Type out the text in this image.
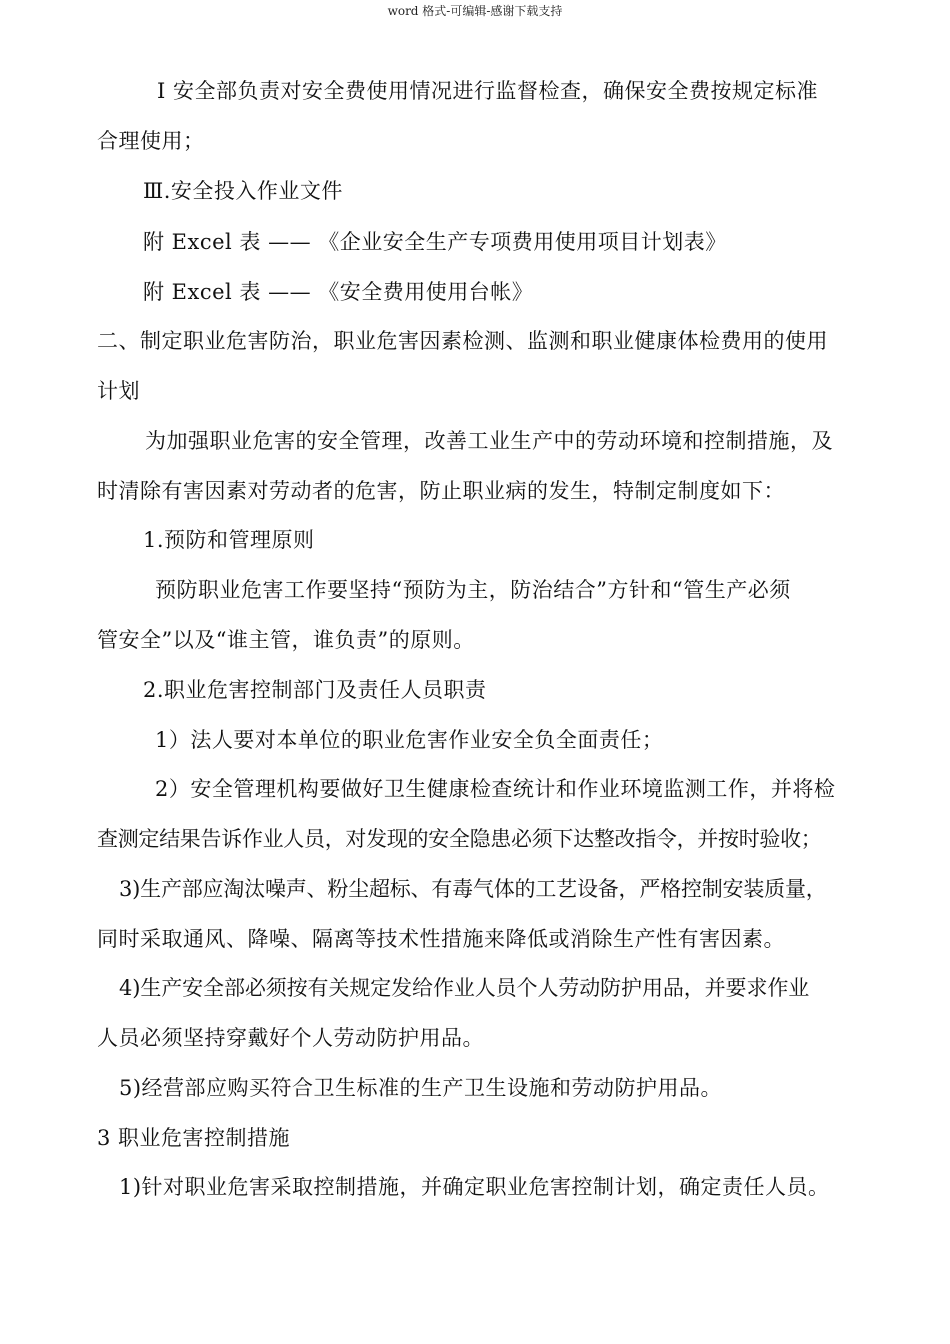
word 格式-可编辑-感谢下载支持
Ⅰ 安全部负责对安全费使用情况进行监督检查，确保安全费按规定标准
合理使用；
Ⅲ.安全投入作业文件
附 Excel 表 —— 《企业安全生产专项费用使用项目计划表》
附 Excel 表 —— 《安全费用使用台帐》
二、制定职业危害防治，职业危害因素检测、监测和职业健康体检费用的使用
计划
为加强职业危害的安全管理，改善工业生产中的劳动环境和控制措施，及
时清除有害因素对劳动者的危害，防止职业病的发生，特制定制度如下：
1.预防和管理原则
预防职业危害工作要坚持“预防为主，防治结合”方针和“管生产必须
管安全”以及“谁主管，谁负责”的原则。
2.职业危害控制部门及责任人员职责
1）法人要对本单位的职业危害作业安全负全面责任；
2）安全管理机构要做好卫生健康检查统计和作业环境监测工作，并将检
查测定结果告诉作业人员，对发现的安全隐患必须下达整改指令，并按时验收；
3)生产部应淘汰噪声、粉尘超标、有毒气体的工艺设备，严格控制安装质量，
同时采取通风、降噪、隔离等技术性措施来降低或消除生产性有害因素。
4)生产安全部必须按有关规定发给作业人员个人劳动防护用品，并要求作业
人员必须坚持穿戴好个人劳动防护用品。
5)经营部应购买符合卫生标准的生产卫生设施和劳动防护用品。
3 职业危害控制措施
1)针对职业危害采取控制措施，并确定职业危害控制计划，确定责任人员。
